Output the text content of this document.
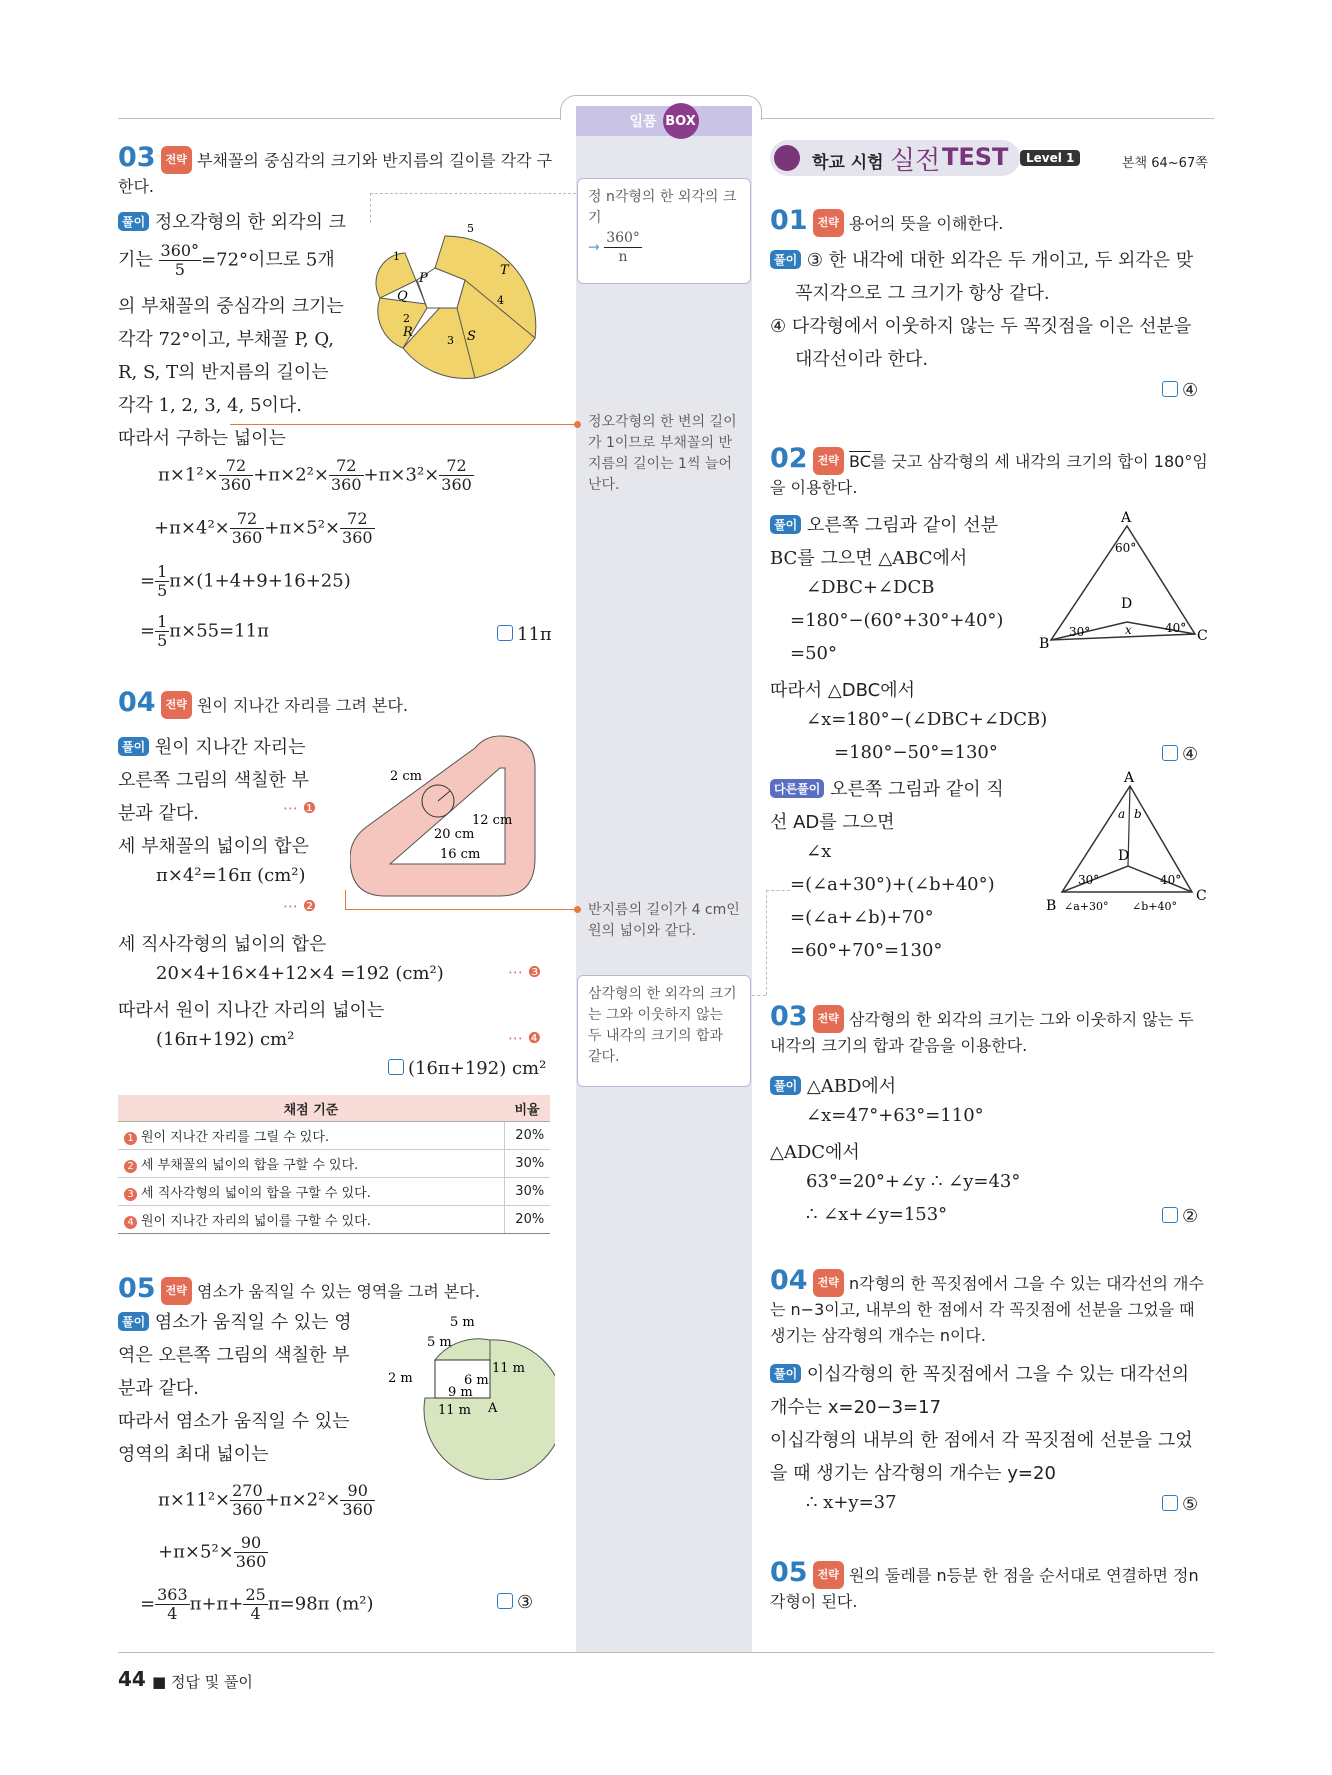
일품 BOX
정 n각형의 한 외각의 크기
→ $\frac{360^\circ}{n}$
정오각형의 한 변의 길이가 1이므로 부채꼴의 반지름의 길이는 1씩 늘어난다.
반지름의 길이가 4 cm인 원의 넓이와 같다.
삼각형의 한 외각의 크기는 그와 이웃하지 않는 두 내각의 크기의 합과 같다.
03 전략 부채꼴의 중심각의 크기와 반지름의 길이를 각각 구한다.
풀이 정오각형의 한 외각의 크
기는 $\frac{360^\circ}{5} =72^\circ$이므로 5개
의 부채꼴의 중심각의 크기는
각각 72°이고, 부채꼴 P, Q,
R, S, T의 반지름의 길이는
각각 1, 2, 3, 4, 5이다.
따라서 구하는 넓이는
P
Q
R	S
T
1
2
3
4
5
$\pi\times 1^2\times \frac{72}{360} +\pi\times 2^2\times \frac{72}{360} +\pi\times 3^2\times \frac{72}{360}$
$+\pi\times 4^2\times \frac{72}{360} +\pi\times 5^2\times \frac{72}{360}$
= $\frac{1}{5} \pi\times(1+4+9+16+25)$
= $\frac{1}{5} \pi\times 55=11\pi$	11π
04 전략 원이 지나간 자리를 그려 본다.
풀이 원이 지나간 자리는
오른쪽 그림의 색칠한 부
분과 같다.	⋯ ❶
세 부채꼴의 넓이의 합은
π×4²=16π (cm²)
⋯ ❷
세 직사각형의 넓이의 합은
20×4+16×4+12×4 =192 (cm²)	⋯ ❸
따라서 원이 지나간 자리의 넓이는
(16π+192) cm²	⋯ ❹
(16π+192) cm²
2 cm
20 cm
12 cm
16 cm
채점 기준	비율
1 원이 지나간 자리를 그릴 수 있다.	20%
2 세 부채꼴의 넓이의 합을 구할 수 있다.	30%
3 세 직사각형의 넓이의 합을 구할 수 있다.	30%
4 원이 지나간 자리의 넓이를 구할 수 있다.	20%
05 전략 염소가 움직일 수 있는 영역을 그려 본다.
풀이 염소가 움직일 수 있는 영
역은 오른쪽 그림의 색칠한 부
분과 같다.
따라서 염소가 움직일 수 있는
영역의 최대 넓이는
5 m
5 m
11 m
2 m	6 m
9 m
11 m A
$\pi\times 11^2\times \frac{270}{360} +\pi\times 2^2\times \frac{90}{360}$
$+\pi\times 5^2\times \frac{90}{360}$
= $\frac{363}{4} \pi+\pi+ \frac{25}{4} \pi=98\pi$ (m²)	③
학교 시험 실전 TEST	Level 1	본책 64~67쪽
01 전략 용어의 뜻을 이해한다.
풀이 ③ 한 내각에 대한 외각은 두 개이고, 두 외각은 맞
꼭지각으로 그 크기가 항상 같다.
④ 다각형에서 이웃하지 않는 두 꼭짓점을 이은 선분을
대각선이라 한다.
④
02 전략 $\overline{BC}$를 긋고 삼각형의 세 내각의 크기의 합이 180°임을 이용한다.
풀이 오른쪽 그림과 같이 선분
BC를 그으면 △ABC에서
∠DBC+∠DCB
=180°−(60°+30°+40°)
=50°
따라서 △DBC에서
∠x=180°−(∠DBC+∠DCB)
=180°−50°=130°	④
A
B	C
D
60°
30°	40°
x
다른풀이 오른쪽 그림과 같이 직
선 AD를 그으면
∠x
=(∠a+30°)+(∠b+40°)
=(∠a+∠b)+70°
=60°+70°=130°
A
B
C
D
a b
30°	40°
∠a+30° ∠b+40°
03 전략 삼각형의 한 외각의 크기는 그와 이웃하지 않는 두 내각의 크기의 합과 같음을 이용한다.
풀이 △ABD에서
∠x=47°+63°=110°
△ADC에서
63°=20°+∠y ∴ ∠y=43°
∴ ∠x+∠y=153°	②
04 전략 n각형의 한 꼭짓점에서 그을 수 있는 대각선의 개수는 n−3이고, 내부의 한 점에서 각 꼭짓점에 선분을 그었을 때 생기는 삼각형의 개수는 n이다.
풀이 이십각형의 한 꼭짓점에서 그을 수 있는 대각선의
개수는 x=20−3=17
이십각형의 내부의 한 점에서 각 꼭짓점에 선분을 그었
을 때 생기는 삼각형의 개수는 y=20
∴ x+y=37	⑤
05 전략 원의 둘레를 n등분 한 점을 순서대로 연결하면 정n각형이 된다.
44 ■ 정답 및 풀이
